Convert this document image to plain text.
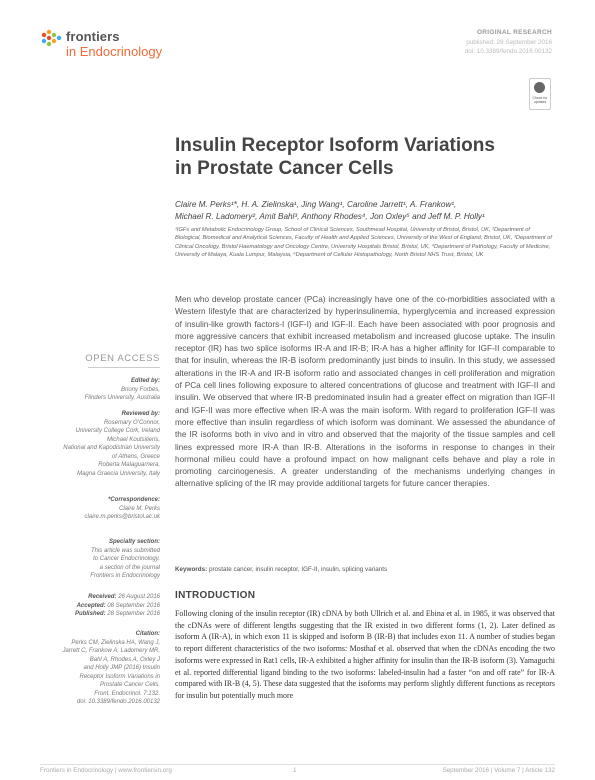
frontiers
in Endocrinology
ORIGINAL RESEARCH
published: 28 September 2016
doi: 10.3389/fendo.2016.00132
Check for updates
Insulin Receptor Isoform Variations
in Prostate Cancer Cells
Claire M. Perks¹*, H. A. Zielinska¹, Jing Wang¹, Caroline Jarrett¹, A. Frankow¹,
Michael R. Ladomery², Amit Bahl³, Anthony Rhodes⁴, Jon Oxley⁵ and Jeff M. P. Holly¹
¹IGFs and Metabolic Endocrinology Group, School of Clinical Sciences, Southmead Hospital, University of Bristol, Bristol, UK, ²Department of Biological, Biomedical and Analytical Sciences, Faculty of Health and Applied Sciences, University of the West of England, Bristol, UK, ³Department of Clinical Oncology, Bristol Haematology and Oncology Centre, University Hospitals Bristol, Bristol, UK, ⁴Department of Pathology, Faculty of Medicine, University of Malaya, Kuala Lumpur, Malaysia, ⁵Department of Cellular Histopathology, North Bristol NHS Trust, Bristol, UK
Men who develop prostate cancer (PCa) increasingly have one of the co-morbidities associated with a Western lifestyle that are characterized by hyperinsulinemia, hyperglycemia and increased expression of insulin-like growth factors-I (IGF-I) and IGF-II. Each have been associated with poor prognosis and more aggressive cancers that exhibit increased metabolism and increased glucose uptake. The insulin receptor (IR) has two splice isoforms IR-A and IR-B; IR-A has a higher affinity for IGF-II comparable to that for insulin, whereas the IR-B isoform predominantly just binds to insulin. In this study, we assessed alterations in the IR-A and IR-B isoform ratio and associated changes in cell proliferation and migration of PCa cell lines following exposure to altered concentrations of glucose and treatment with IGF-II and insulin. We observed that where IR-B predominated insulin had a greater effect on migration than IGF-II and IGF-II was more effective when IR-A was the main isoform. With regard to proliferation IGF-II was more effective than insulin regardless of which isoform was dominant. We assessed the abundance of the IR isoforms both in vivo and in vitro and observed that the majority of the tissue samples and cell lines expressed more IR-A than IR-B. Alterations in the isoforms in response to changes in their hormonal milieu could have a profound impact on how malignant cells behave and play a role in promoting carcinogenesis. A greater understanding of the mechanisms underlying changes in alternative splicing of the IR may provide additional targets for future cancer therapies.
Keywords: prostate cancer, insulin receptor, IGF-II, insulin, splicing variants
INTRODUCTION
Following cloning of the insulin receptor (IR) cDNA by both Ullrich et al. and Ebina et al. in 1985, it was observed that the cDNAs were of different lengths suggesting that the IR existed in two different forms (1, 2). Later defined as isoform A (IR-A), in which exon 11 is skipped and isoform B (IR-B) that includes exon 11. A number of studies began to report different characteristics of the two isoforms: Mosthaf et al. observed that when the cDNAs encoding the two isoforms were expressed in Rat1 cells, IR-A exhibited a higher affinity for insulin than the IR-B isoform (3). Yamaguchi et al. reported differential ligand binding to the two isoforms: labeled-insulin had a faster “on and off rate” for IR-A compared with IR-B (4, 5). These data suggested that the isoforms may perform slightly different functions as receptors for insulin but potentially much more
OPEN ACCESS
Edited by:
Briony Forbes,
Flinders University, Australia
Reviewed by:
Rosemary O’Connor,
University College Cork, Ireland
Michael Koutsilieris,
National and Kapodistrian University
of Athens, Greece
Roberta Malaguarnera,
Magna Graecia University, Italy
*Correspondence:
Claire M. Perks
claire.m.perks@bristol.ac.uk
Specialty section:
This article was submitted
to Cancer Endocrinology,
a section of the journal
Frontiers in Endocrinology
Received: 26 August 2016
Accepted: 08 September 2016
Published: 28 September 2016
Citation:
Perks CM, Zielinska HA, Wang J,
Jarrett C, Frankow A, Ladomery MR,
Bahl A, Rhodes A, Oxley J
and Holly JMP (2016) Insulin
Receptor Isoform Variations in
Prostate Cancer Cells.
Front. Endocrinol. 7:132.
doi: 10.3389/fendo.2016.00132
Frontiers in Endocrinology | www.frontiersin.org	1	September 2016 | Volume 7 | Article 132
